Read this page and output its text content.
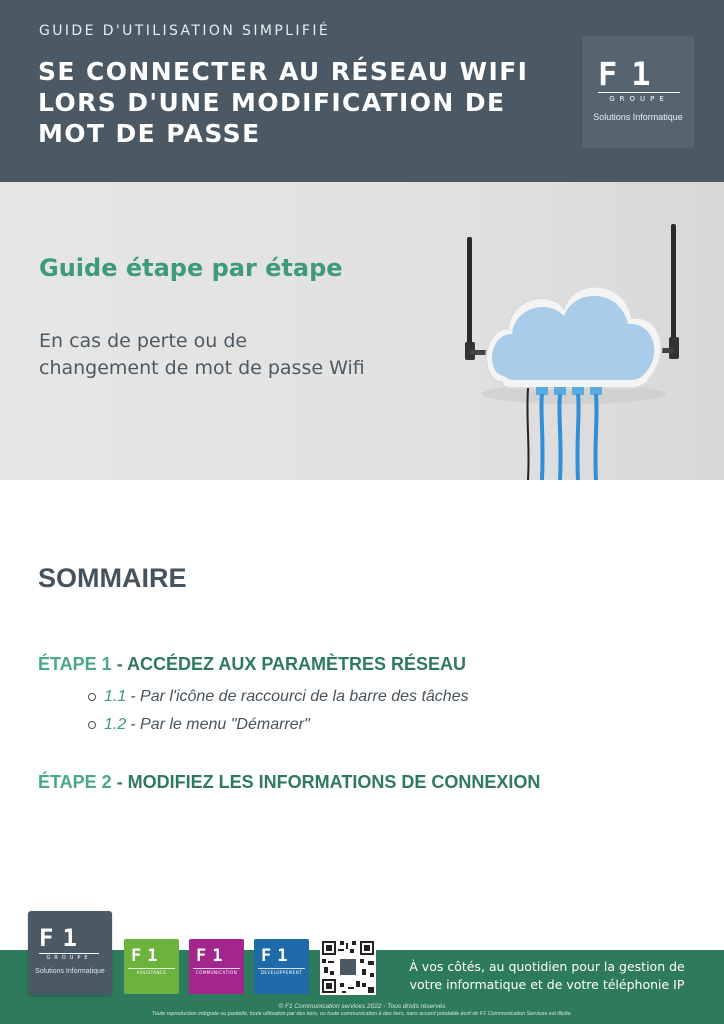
GUIDE D'UTILISATION SIMPLIFIÉ
SE CONNECTER AU RÉSEAU WIFI
LORS D'UNE MODIFICATION DE
MOT DE PASSE
F1
GROUPE
Solutions Informatique
Guide étape par étape
En cas de perte ou de
changement de mot de passe Wifi
SOMMAIRE
ÉTAPE 1 - ACCÉDEZ AUX PARAMÈTRES RÉSEAU
1.1 - Par l'icône de raccourci de la barre des tâches
1.2 - Par le menu "Démarrer"
ÉTAPE 2 - MODIFIEZ LES INFORMATIONS DE CONNEXION
F1
GROUPE
Solutions Informatique
F1
ASSISTANCE
F1
COMMUNICATION
F1
DEVELOPPEMENT	À vos côtés, au quotidien pour la gestion de votre informatique et de votre téléphonie IP
© F1 Communication services 2022 - Tous droits réservés
Toute reproduction intégrale ou partielle, toute utilisation par des tiers, ou toute communication à des tiers, sans accord préalable écrit de F1 Communication Services est illicite.
